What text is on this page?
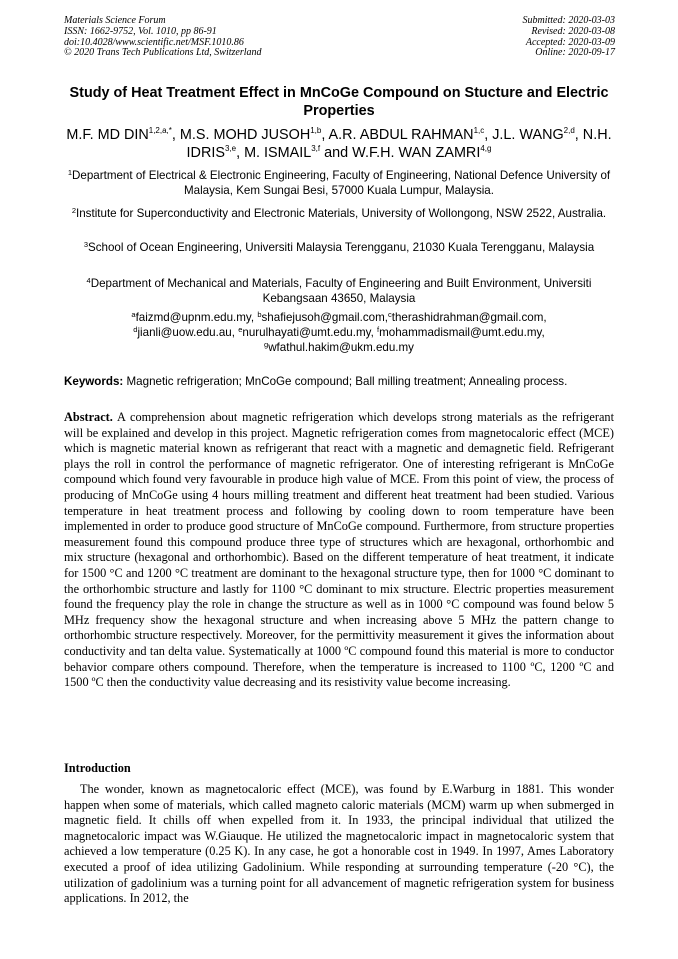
Materials Science Forum
ISSN: 1662-9752, Vol. 1010, pp 86-91
doi:10.4028/www.scientific.net/MSF.1010.86
© 2020 Trans Tech Publications Ltd, Switzerland
Submitted: 2020-03-03
Revised: 2020-03-08
Accepted: 2020-03-09
Online: 2020-09-17
Study of Heat Treatment Effect in MnCoGe Compound on Stucture and Electric Properties
M.F. MD $DIN^{1,2,a,*}$, M.S. MOHD JUSOH$^{1,b}$, A.R. ABDUL RAHMAN$^{1,c}$, J.L. WANG$^{2,d}$, N.H. IDRIS$^{3,e}$, M. ISMAIL$^{3,f}$ and W.F.H. WAN ZAMRI$^{4,g}$
$^1$Department of Electrical & Electronic Engineering, Faculty of Engineering, National Defence University of Malaysia, Kem Sungai Besi, 57000 Kuala Lumpur, Malaysia.
$^2$Institute for Superconductivity and Electronic Materials, University of Wollongong, NSW 2522, Australia.
$^3$School of Ocean Engineering, Universiti Malaysia Terengganu, 21030 Kuala Terengganu, Malaysia
$^4$Department of Mechanical and Materials, Faculty of Engineering and Built Environment, Universiti Kebangsaan 43650, Malaysia
$^a$faizmd@upnm.edu.my, $^b$shafiejusoh@gmail.com,$^c$therashidrahman@gmail.com,
$^d$jianli@uow.edu.au, $^e$nurulhayati@umt.edu.my, $^f$mohammadismail@umt.edu.my,
$^g$wfathul.hakim@ukm.edu.my
Keywords: Magnetic refrigeration; MnCoGe compound; Ball milling treatment; Annealing process.
Abstract. A comprehension about magnetic refrigeration which develops strong materials as the refrigerant will be explained and develop in this project. Magnetic refrigeration comes from magnetocaloric effect (MCE) which is magnetic material known as refrigerant that react with a magnetic and demagnetic field. Refrigerant plays the roll in control the performance of magnetic refrigerator. One of interesting refrigerant is MnCoGe compound which found very favourable in produce high value of MCE. From this point of view, the process of producing of MnCoGe using 4 hours milling treatment and different heat treatment had been studied. Various temperature in heat treatment process and following by cooling down to room temperature have been implemented in order to produce good structure of MnCoGe compound. Furthermore, from structure properties measurement found this compound produce three type of structures which are hexagonal, orthorhombic and mix structure (hexagonal and orthorhombic). Based on the different temperature of heat treatment, it indicate for 1500 °C and 1200 °C treatment are dominant to the hexagonal structure type, then for 1000 °C dominant to the orthorhombic structure and lastly for 1100 °C dominant to mix structure. Electric properties measurement found the frequency play the role in change the structure as well as in 1000 °C compound was found below 5 MHz frequency show the hexagonal structure and when increasing above 5 MHz the pattern change to orthorhombic structure respectively. Moreover, for the permittivity measurement it gives the information about conductivity and tan delta value. Systematically at 1000 ºC compound found this material is more to conductor behavior compare others compound. Therefore, when the temperature is increased to 1100 ºC, 1200 ºC and 1500 ºC then the conductivity value decreasing and its resistivity value become increasing.
Introduction
The wonder, known as magnetocaloric effect (MCE), was found by E.Warburg in 1881. This wonder happen when some of materials, which called magneto caloric materials (MCM) warm up when submerged in magnetic field. It chills off when expelled from it. In 1933, the principal individual that utilized the magnetocaloric impact was W.Giauque. He utilized the magnetocaloric impact in magnetocaloric system that achieved a low temperature (0.25 K). In any case, he got a honorable cost in 1949. In 1997, Ames Laboratory executed a proof of idea utilizing Gadolinium. While responding at surrounding temperature (-20 °C), the utilization of gadolinium was a turning point for all advancement of magnetic refrigeration system for business applications. In 2012, the
